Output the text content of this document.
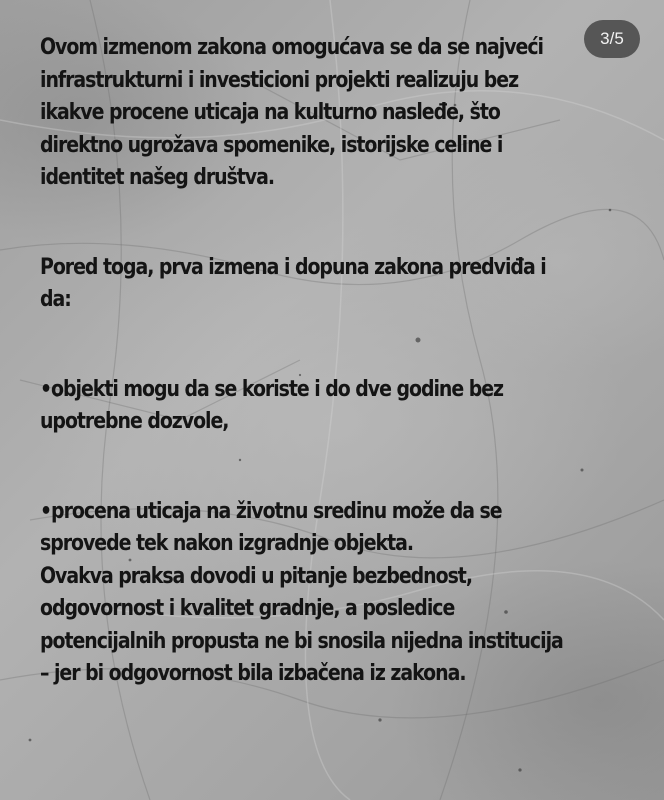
Ovom izmenom zakona omogućava se da se najveći
infrastrukturni i investicioni projekti realizuju bez
ikakve procene uticaja na kulturno nasleđe, što
direktno ugrožava spomenike, istorijske celine i
identitet našeg društva.

Pored toga, prva izmena i dopuna zakona predviđa i
da:

•objekti mogu da se koriste i do dve godine bez
upotrebne dozvole,

•procena uticaja na životnu sredinu može da se
sprovede tek nakon izgradnje objekta.
Ovakva praksa dovodi u pitanje bezbednost,
odgovornost i kvalitet gradnje, a posledice
potencijalnih propusta ne bi snosila nijedna institucija
– jer bi odgovornost bila izbačena iz zakona.

3/5
